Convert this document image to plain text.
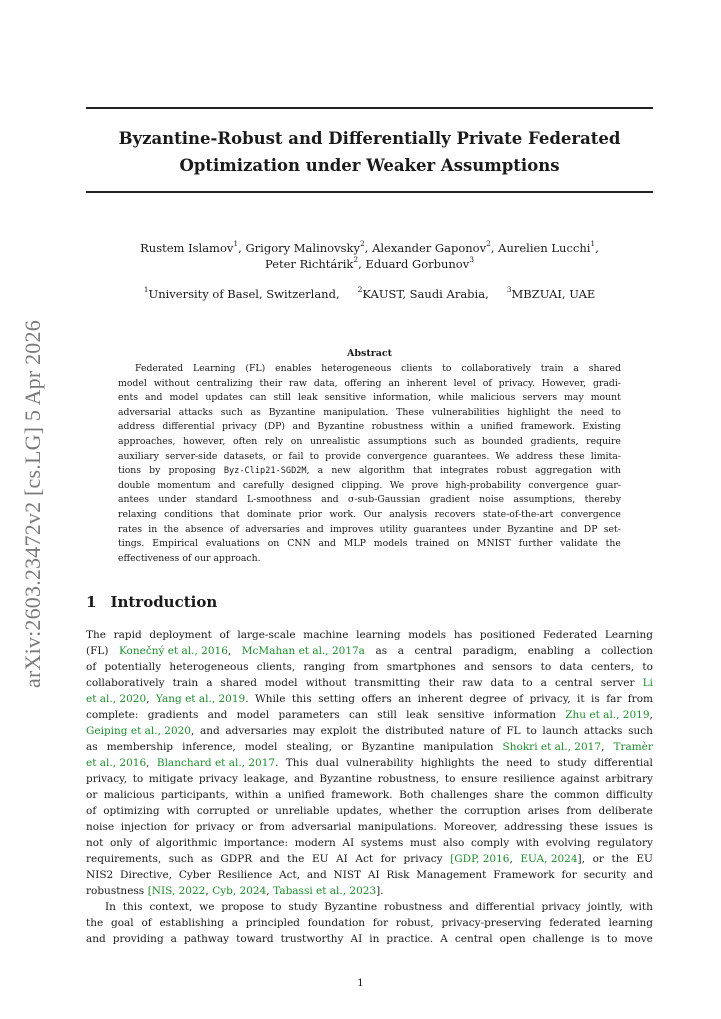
arXiv:2603.23472v2 [cs.LG] 5 Apr 2026
Byzantine-Robust and Differentially Private Federated
Optimization under Weaker Assumptions
Rustem Islamov$^1$, Grigory Malinovsky$^2$, Alexander Gaponov$^2$, Aurelien Lucchi$^1$,
Peter Richtárik$^2$, Eduard Gorbunov$^3$
$^1$University of Basel, Switzerland, $^2$KAUST, Saudi Arabia, $^3$MBZUAI, UAE
Abstract
Federated Learning (FL) enables heterogeneous clients to collaboratively train a shared
model without centralizing their raw data, offering an inherent level of privacy. However, gradi-
ents and model updates can still leak sensitive information, while malicious servers may mount
adversarial attacks such as Byzantine manipulation. These vulnerabilities highlight the need to
address differential privacy (DP) and Byzantine robustness within a unified framework. Existing
approaches, however, often rely on unrealistic assumptions such as bounded gradients, require
auxiliary server-side datasets, or fail to provide convergence guarantees. We address these limita-
tions by proposing Byz-Clip21-SGD2M, a new algorithm that integrates robust aggregation with
double momentum and carefully designed clipping. We prove high-probability convergence guar-
antees under standard L-smoothness and σ-sub-Gaussian gradient noise assumptions, thereby
relaxing conditions that dominate prior work. Our analysis recovers state-of-the-art convergence
rates in the absence of adversaries and improves utility guarantees under Byzantine and DP set-
tings. Empirical evaluations on CNN and MLP models trained on MNIST further validate the
effectiveness of our approach.
1 Introduction
The rapid deployment of large-scale machine learning models has positioned Federated Learning
(FL) Konečný et al., 2016, McMahan et al., 2017a as a central paradigm, enabling a collection
of potentially heterogeneous clients, ranging from smartphones and sensors to data centers, to
collaboratively train a shared model without transmitting their raw data to a central server Li
et al., 2020, Yang et al., 2019. While this setting offers an inherent degree of privacy, it is far from
complete: gradients and model parameters can still leak sensitive information Zhu et al., 2019,
Geiping et al., 2020, and adversaries may exploit the distributed nature of FL to launch attacks such
as membership inference, model stealing, or Byzantine manipulation Shokri et al., 2017, Tramèr
et al., 2016, Blanchard et al., 2017. This dual vulnerability highlights the need to study differential
privacy, to mitigate privacy leakage, and Byzantine robustness, to ensure resilience against arbitrary
or malicious participants, within a unified framework. Both challenges share the common difficulty
of optimizing with corrupted or unreliable updates, whether the corruption arises from deliberate
noise injection for privacy or from adversarial manipulations. Moreover, addressing these issues is
not only of algorithmic importance: modern AI systems must also comply with evolving regulatory
requirements, such as GDPR and the EU AI Act for privacy [GDP, 2016, EUA, 2024], or the EU
NIS2 Directive, Cyber Resilience Act, and NIST AI Risk Management Framework for security and
robustness [NIS, 2022, Cyb, 2024, Tabassi et al., 2023].
In this context, we propose to study Byzantine robustness and differential privacy jointly, with
the goal of establishing a principled foundation for robust, privacy-preserving federated learning
and providing a pathway toward trustworthy AI in practice. A central open challenge is to move
1
